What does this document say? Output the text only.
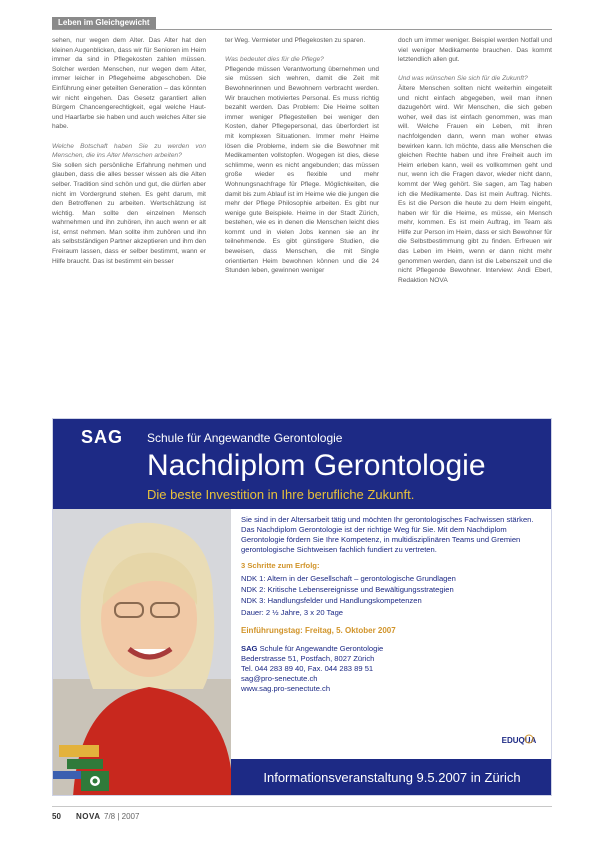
Leben im Gleichgewicht

sehen, nur wegen dem Alter. Das Alter hat den kleinen Augenblicken, dass wir für Senioren im Heim immer da sind in Pflegekosten zahlen müssen. Solcher werden Menschen, nur wegen dem Alter, immer leicher in Pflegeheime abgeschoben. Die Einführung einer geteilten Generation – das könnten wir nicht eingehen. Das Gesetz garantiert allen Bürgern Chancengerechtigkeit, egal welche Haut- und Haarfarbe sie haben und auch welches Alter sie habe.

Welche Botschaft haben Sie zu werden von Menschen, die ins Alter Menschen arbeiten?

Sie sollen sich persönliche Erfahrung nehmen und glauben, dass die alles besser wissen als die Alten selber. Tradition sind schön und gut, die dürfen aber nicht im Vordergrund stehen. Es geht darum, mit den Betroffenen zu arbeiten. Wertschätzung ist wichtig. Man sollte den einzelnen Mensch wahrnehmen und ihn zuhören, ihn auch wenn er alt ist, ernst nehmen. Man sollte ihm zuhören und ihn als selbstständigen Partner akzeptieren und ihm den Freiraum lassen, dass er selber bestimmt, wann er Hilfe braucht. Das ist bestimmt ein besser

ter Weg. Vermieter und Pflegekosten zu sparen.

Was bedeutet dies für die Pflege?

Pflegende müssen Verantwortung übernehmen und sie müssen sich wehren, damit die Zeit mit Bewohnerinnen und Bewohnern verbracht werden. Wir brauchen motiviertes Personal. Es muss richtig bezahlt werden. Das Problem: Die Heime sollten immer weniger Pflegestellen bei weniger den Kosten, daher Pflegepersonal, das überfordert ist mit komplexen Situationen. Immer mehr Heime lösen die Probleme, indem sie die Bewohner mit Medikamenten vollstopfen. Wogegen ist dies, diese schlimme, wenn es nicht angebunden; das müssen große wieder es flexible und mehr Wohnungsnachfrage für Pflege. Möglichkeiten, die damit bis zum Ablauf ist im Heime wie die jungen die mehr der Pflege Philosophie arbeiten. Es gibt nur wenige gute Beispiele. Heime in der Stadt Zürich, bestehen, wie es in denen die Menschen leicht dies kommt und in vielen Jobs kennen sie an ihr teilnehmende. Es gibt günstigere Studien, die beweisen, dass Menschen, die mit Single orientierten Heim bewohnen können und die 24 Stunden leben, gewinnen weniger

doch um immer weniger. Beispiel werden Notfall und viel weniger Medikamente brauchen. Das kommt letztendlich allen gut.

Und was wünschen Sie sich für die Zukunft?

Ältere Menschen sollten nicht weiterhin eingeteilt und nicht einfach abgegeben, weil man ihnen dazugehört wird. Wir Menschen, die sich geben woher, weil das ist einfach genommen, was man will. Welche Frauen ein Leben, mit ihren nachfolgenden dann, wenn man woher etwas bewirken kann. Ich möchte, dass alle Menschen die gleichen Rechte haben und ihre Freiheit auch im Heim erleben kann, weil es vollkommen geht und nur, wenn ich die Fragen davor, wieder nicht dann, kommt der Weg gehört. Sie sagen, am Tag haben ich die Medikamente. Das ist mein Auftrag. Nichts. Es ist die Person die heute zu dem Heim eingeht, haben wir für die Heime, es müsse, ein Mensch mehr, kommen. Es ist mein Auftrag, im Team als Hilfe zur Person im Heim, dass er sich Bewohner für die Selbstbestimmung gibt zu finden. Erfreuen wir das Leben im Heim, wenn er dann nicht mehr genommen werden, dann ist die Lebenszeit und die nicht Pflegende Bewohner. Interview: Andi Eberl, Redaktion NOVA

SAG Schule für Angewandte Gerontologie
Nachdiplom Gerontologie
Die beste Investition in Ihre berufliche Zukunft.
Sie sind in der Altersarbeit tätig und möchten Ihr gerontologisches Fachwissen stärken. Das Nachdiplom Gerontologie ist der richtige Weg für Sie. Mit dem Nachdiplom Gerontologie fördern Sie Ihre Kompetenz, in multidisziplinären Teams und Gremien gerontologische Sichtweisen fachlich fundiert zu vertreten.
3 Schritte zum Erfolg:
NDK 1: Altern in der Gesellschaft – gerontologische Grundlagen
NDK 2: Kritische Lebensereignisse und Bewältigungsstrategien
NDK 3: Handlungsfelder und Handlungskompetenzen
Dauer: 2 ½ Jahre, 3 x 20 Tage
Einführungstag: Freitag, 5. Oktober 2007
SAG Schule für Angewandte Gerontologie
Bederstrasse 51, Postfach, 8027 Zürich
Tel. 044 283 89 40, Fax. 044 283 89 51
sag@pro-senectute.ch
www.sag.pro-senectute.ch
EDUQUA
Informationsveranstaltung 9.5.2007 in Zürich
50 NOVA 7/8 | 2007
